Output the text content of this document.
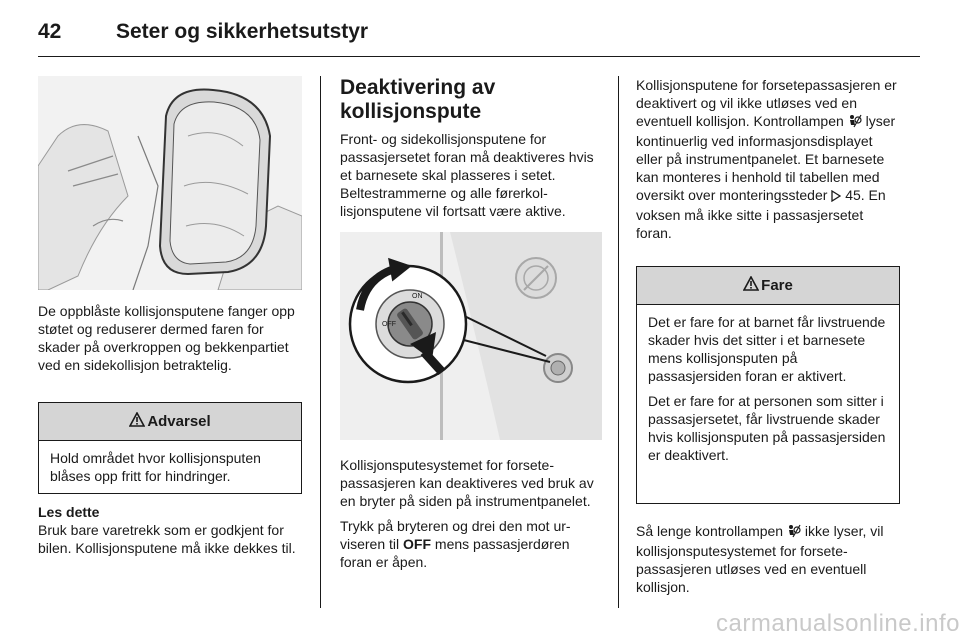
42	Seter og sikkerhetsutstyr

De oppblåste kollisjonsputene fanger opp støtet og reduserer dermed faren for skader på overkroppen og bekkenpartiet ved en sidekollisjon betraktelig.

Advarsel

Hold området hvor kollisjonsputen blåses opp fritt for hindringer.

Les dette

Bruk bare varetrekk som er godkjent for bilen. Kollisjonsputene må ikke dekkes til.

Deaktivering av kollisjonspute

Front- og sidekollisjonsputene for passasjersetet foran må deaktiveres hvis et barnesete skal plasseres i setet. Beltestrammerne og alle førerkollisjonsputene vil fortsatt være aktive.

ON
OFF

Kollisjonsputesystemet for forsetepassasjeren kan deaktiveres ved bruk av en bryter på siden på instrumentpanelet.

Trykk på bryteren og drei den mot urviseren til OFF mens passasjerdøren foran er åpen.

Kollisjonsputene for forsetepassasjeren er deaktivert og vil ikke utløses ved en eventuell kollisjon. Kontrollampen  lyser kontinuerlig ved informasjonsdisplayet eller på instrumentpanelet. Et barnesete kan monteres i henhold til tabellen med oversikt over monteringssteder  45. En voksen må ikke sitte i passasjersetet foran.

Fare

Det er fare for at barnet får livstruende skader hvis det sitter i et barnesete mens kollisjonsputen på passasjersiden foran er aktivert.

Det er fare for at personen som sitter i passasjersetet, får livstruende skader hvis kollisjonsputen på passasjersiden er deaktivert.

Så lenge kontrollampen  ikke lyser, vil kollisjonsputesystemet for forsetepassasjeren utløses ved en eventuell kollisjon.

carmanualsonline.info
